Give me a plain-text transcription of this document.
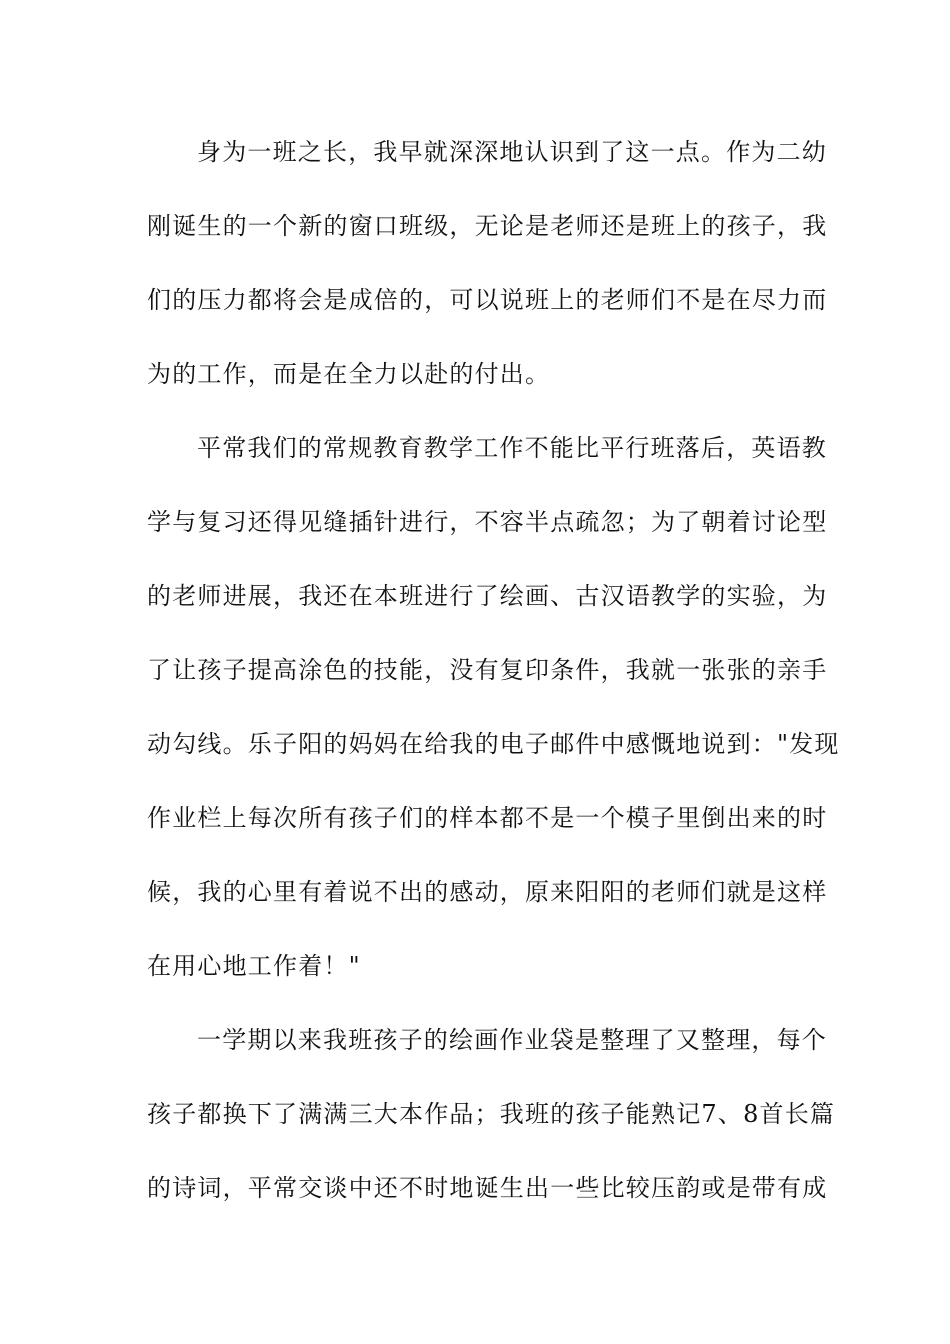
身为一班之长，我早就深深地认识到了这一点。作为二幼
刚诞生的一个新的窗口班级，无论是老师还是班上的孩子，我
们的压力都将会是成倍的，可以说班上的老师们不是在尽力而
为的工作，而是在全力以赴的付出。
平常我们的常规教育教学工作不能比平行班落后，英语教
学与复习还得见缝插针进行，不容半点疏忽；为了朝着讨论型
的老师进展，我还在本班进行了绘画、古汉语教学的实验，为
了让孩子提高涂色的技能，没有复印条件，我就一张张的亲手
动勾线。乐子阳的妈妈在给我的电子邮件中感慨地说到："发现
作业栏上每次所有孩子们的样本都不是一个模子里倒出来的时
候，我的心里有着说不出的感动，原来阳阳的老师们就是这样
在用心地工作着！"
一学期以来我班孩子的绘画作业袋是整理了又整理，每个
孩子都换下了满满三大本作品；我班的孩子能熟记7、8首长篇
的诗词，平常交谈中还不时地诞生出一些比较压韵或是带有成
